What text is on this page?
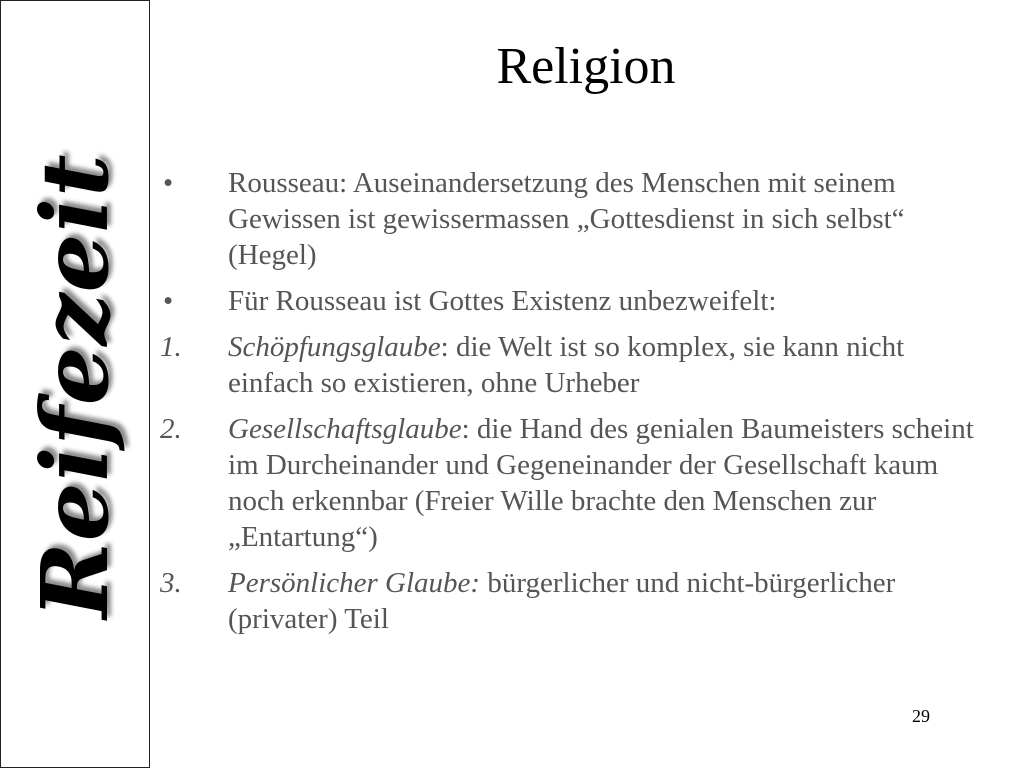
Reifezeit
Religion
• Rousseau: Auseinandersetzung des Menschen mit seinem Gewissen ist gewissermassen „Gottesdienst in sich selbst“ (Hegel)
• Für Rousseau ist Gottes Existenz unbezweifelt:
1. Schöpfungsglaube: die Welt ist so komplex, sie kann nicht einfach so existieren, ohne Urheber
2. Gesellschaftsglaube: die Hand des genialen Baumeisters scheint im Durcheinander und Gegeneinander der Gesellschaft kaum noch erkennbar (Freier Wille brachte den Menschen zur „Entartung“)
3. Persönlicher Glaube: bürgerlicher und nicht-bürgerlicher (privater) Teil
29
